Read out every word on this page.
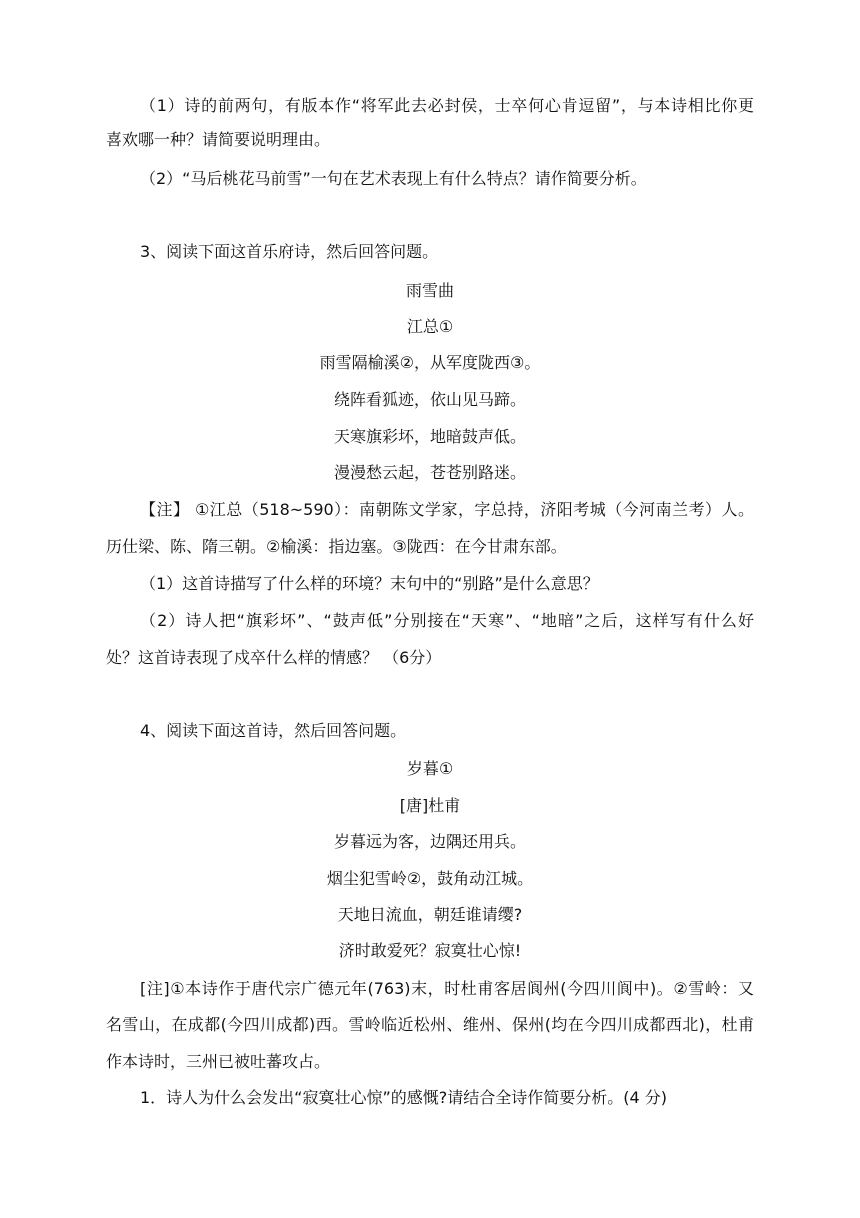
（1）诗的前两句，有版本作“将军此去必封侯，士卒何心肯逗留”，与本诗相比你更
喜欢哪一种？请简要说明理由。
（2）“马后桃花马前雪”一句在艺术表现上有什么特点？请作简要分析。
3、阅读下面这首乐府诗，然后回答问题。
雨雪曲
江总①
雨雪隔榆溪②，从军度陇西③。
绕阵看狐迹，依山见马蹄。
天寒旗彩坏，地暗鼓声低。
漫漫愁云起，苍苍别路迷。
【注】 ①江总（518~590）：南朝陈文学家，字总持，济阳考城（今河南兰考）人。
历仕梁、陈、隋三朝。②榆溪：指边塞。③陇西：在今甘肃东部。
（1）这首诗描写了什么样的环境？末句中的“别路”是什么意思？
（2）诗人把“旗彩坏”、“鼓声低”分别接在“天寒”、“地暗”之后，这样写有什么好
处？这首诗表现了戍卒什么样的情感？ （6分）
4、阅读下面这首诗，然后回答问题。
岁暮①
[唐]杜甫
岁暮远为客，边隅还用兵。
烟尘犯雪岭②，鼓角动江城。
天地日流血，朝廷谁请缨?
济时敢爱死？寂寞壮心惊!
[注]①本诗作于唐代宗广德元年(763)末，时杜甫客居阆州(今四川阆中)。②雪岭：又
名雪山，在成都(今四川成都)西。雪岭临近松州、维州、保州(均在今四川成都西北)，杜甫
作本诗时，三州已被吐蕃攻占。
1．诗人为什么会发出“寂寞壮心惊”的感慨?请结合全诗作简要分析。(4 分)
